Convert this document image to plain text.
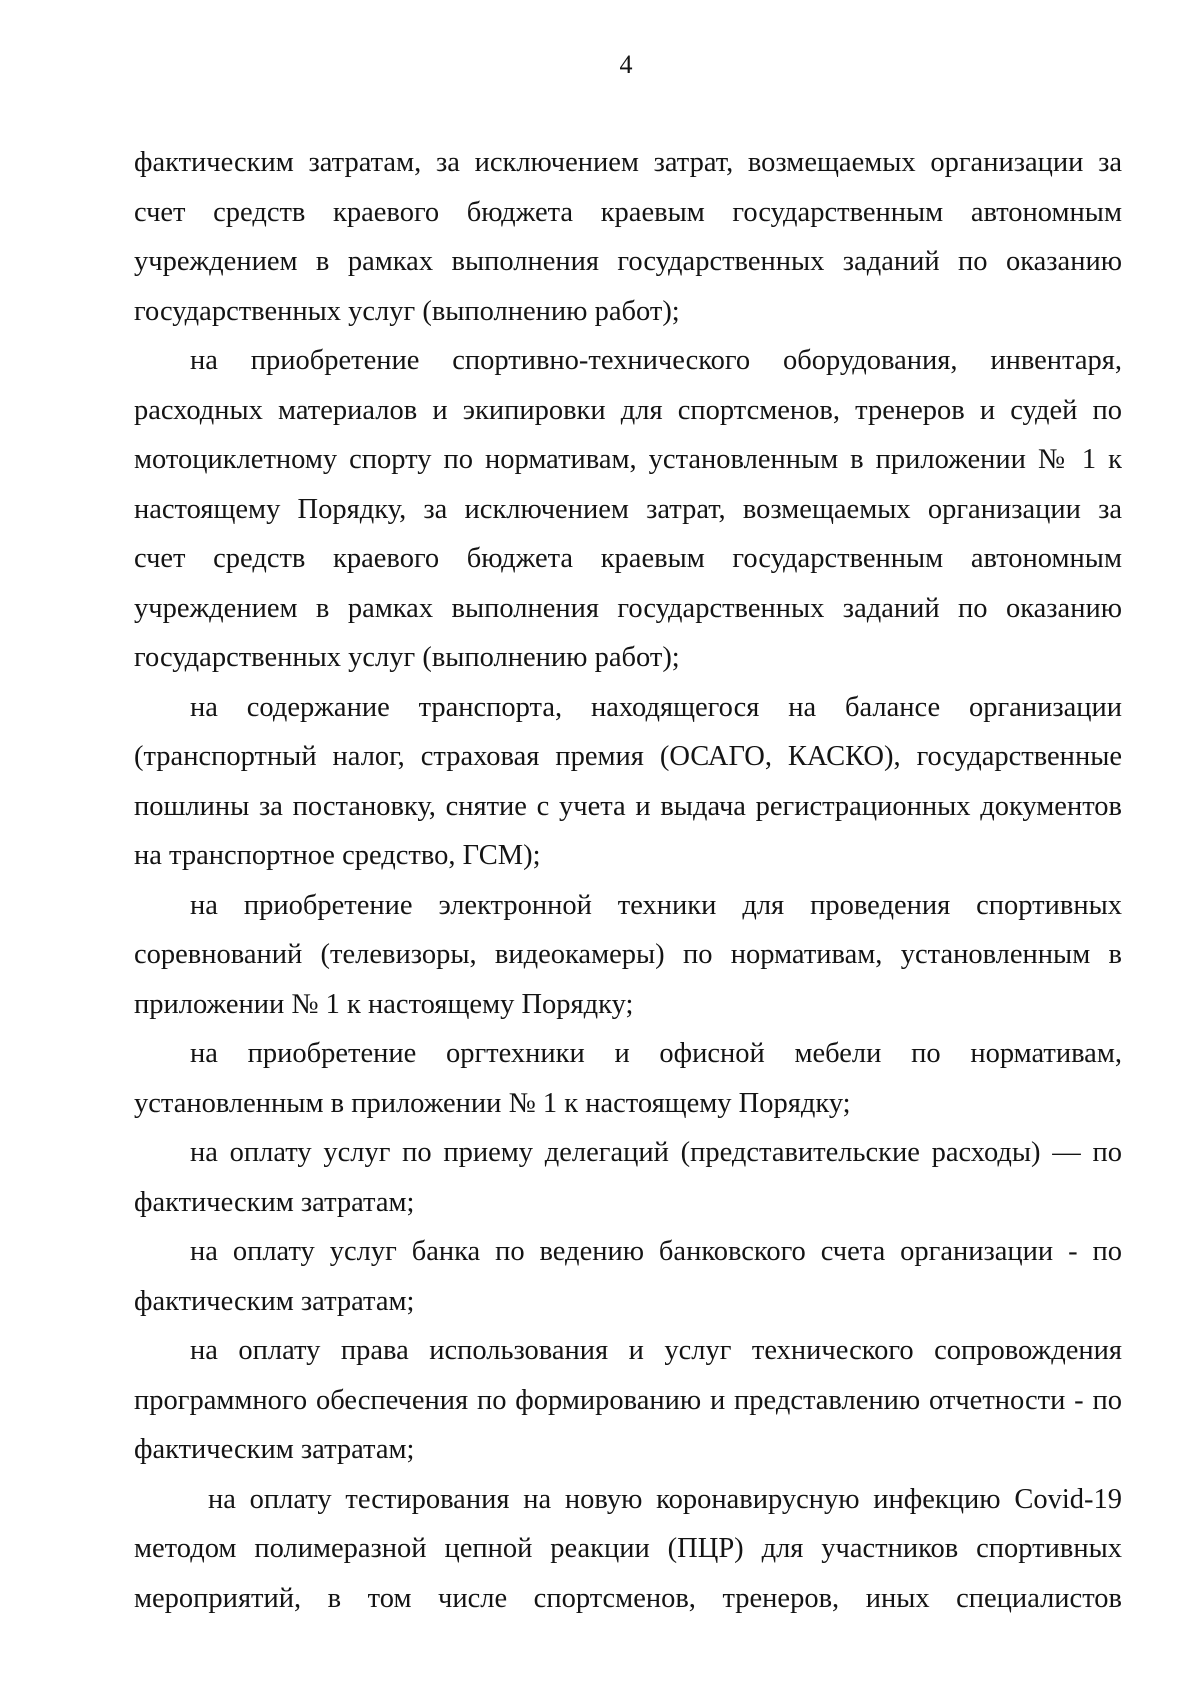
4
фактическим затратам, за исключением затрат, возмещаемых организации за
счет средств краевого бюджета краевым государственным автономным
учреждением в рамках выполнения государственных заданий по оказанию
государственных услуг (выполнению работ);
на приобретение спортивно-технического оборудования, инвентаря,
расходных материалов и экипировки для спортсменов, тренеров и судей по
мотоциклетному спорту по нормативам, установленным в приложении № 1 к
настоящему Порядку, за исключением затрат, возмещаемых организации за
счет средств краевого бюджета краевым государственным автономным
учреждением в рамках выполнения государственных заданий по оказанию
государственных услуг (выполнению работ);
на содержание транспорта, находящегося на балансе организации
(транспортный налог, страховая премия (ОСАГО, КАСКО), государственные
пошлины за постановку, снятие с учета и выдача регистрационных документов
на транспортное средство, ГСМ);
на приобретение электронной техники для проведения спортивных
соревнований (телевизоры, видеокамеры) по нормативам, установленным в
приложении № 1 к настоящему Порядку;
на приобретение оргтехники и офисной мебели по нормативам,
установленным в приложении № 1 к настоящему Порядку;
на оплату услуг по приему делегаций (представительские расходы) — по
фактическим затратам;
на оплату услуг банка по ведению банковского счета организации - по
фактическим затратам;
на оплату права использования и услуг технического сопровождения
программного обеспечения по формированию и представлению отчетности - по
фактическим затратам;
на оплату тестирования на новую коронавирусную инфекцию Covid-19
методом полимеразной цепной реакции (ПЦР) для участников спортивных
мероприятий, в том числе спортсменов, тренеров, иных специалистов
